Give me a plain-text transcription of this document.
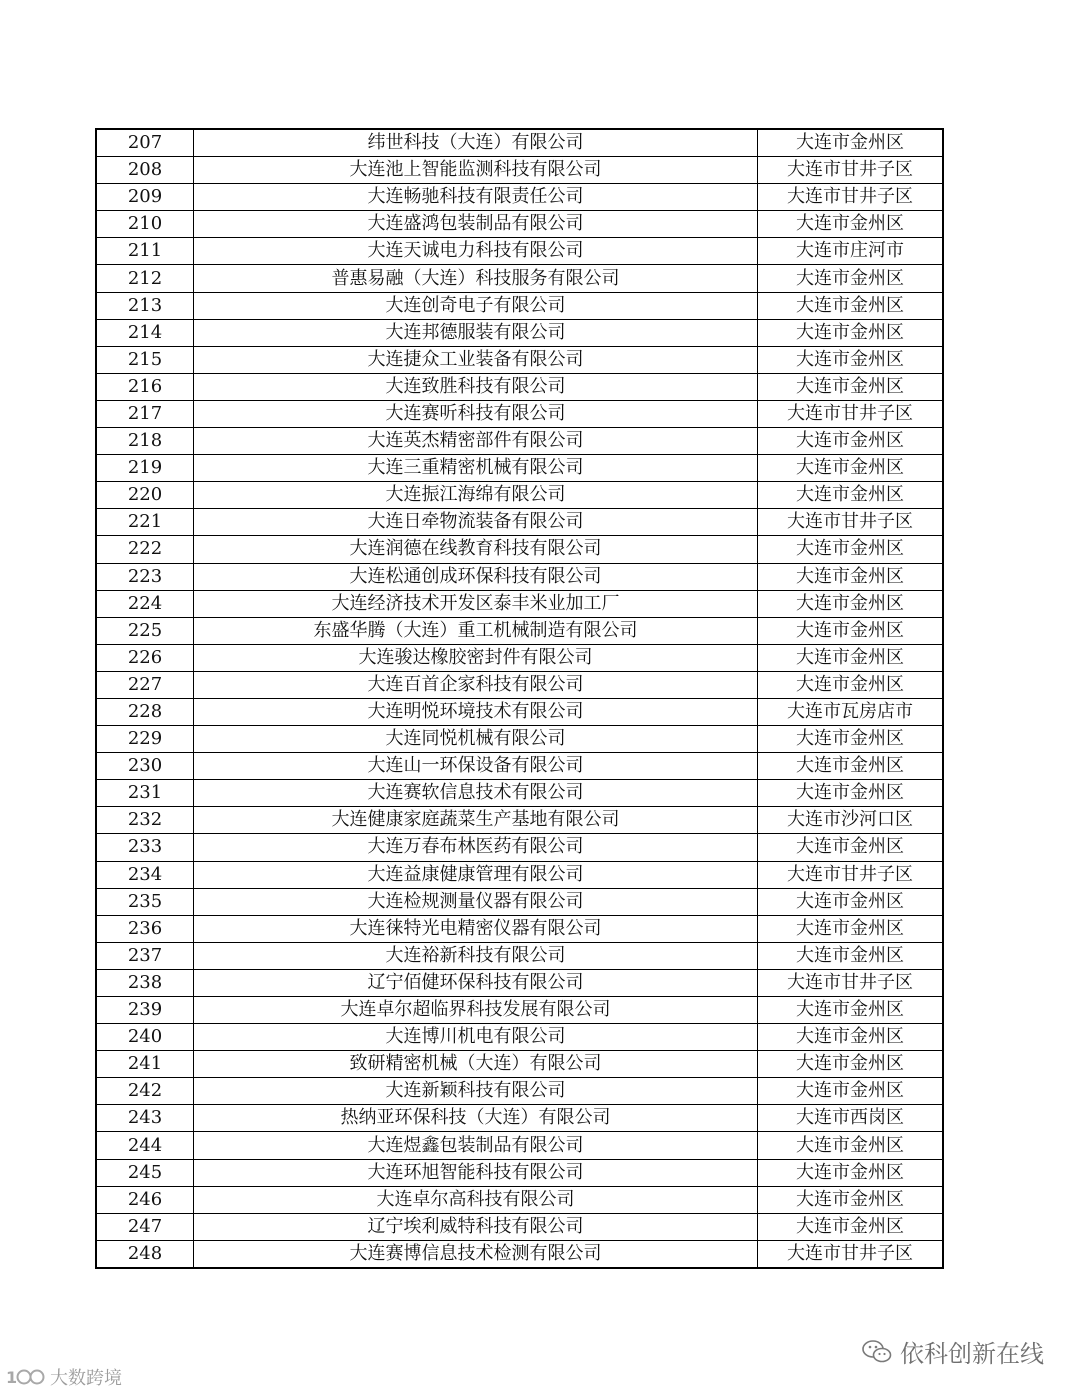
207	纬世科技（大连）有限公司	大连市金州区
208	大连池上智能监测科技有限公司	大连市甘井子区
209	大连畅驰科技有限责任公司	大连市甘井子区
210	大连盛鸿包装制品有限公司	大连市金州区
211	大连天诚电力科技有限公司	大连市庄河市
212	普惠易融（大连）科技服务有限公司	大连市金州区
213	大连创奇电子有限公司	大连市金州区
214	大连邦德服装有限公司	大连市金州区
215	大连捷众工业装备有限公司	大连市金州区
216	大连致胜科技有限公司	大连市金州区
217	大连赛听科技有限公司	大连市甘井子区
218	大连英杰精密部件有限公司	大连市金州区
219	大连三重精密机械有限公司	大连市金州区
220	大连振江海绵有限公司	大连市金州区
221	大连日牵物流装备有限公司	大连市甘井子区
222	大连润德在线教育科技有限公司	大连市金州区
223	大连松通创成环保科技有限公司	大连市金州区
224	大连经济技术开发区泰丰米业加工厂	大连市金州区
225	东盛华腾（大连）重工机械制造有限公司	大连市金州区
226	大连骏达橡胶密封件有限公司	大连市金州区
227	大连百首企家科技有限公司	大连市金州区
228	大连明悦环境技术有限公司	大连市瓦房店市
229	大连同悦机械有限公司	大连市金州区
230	大连山一环保设备有限公司	大连市金州区
231	大连赛软信息技术有限公司	大连市金州区
232	大连健康家庭蔬菜生产基地有限公司	大连市沙河口区
233	大连万春布林医药有限公司	大连市金州区
234	大连益康健康管理有限公司	大连市甘井子区
235	大连检规测量仪器有限公司	大连市金州区
236	大连徕特光电精密仪器有限公司	大连市金州区
237	大连裕新科技有限公司	大连市金州区
238	辽宁佰健环保科技有限公司	大连市甘井子区
239	大连卓尔超临界科技发展有限公司	大连市金州区
240	大连博川机电有限公司	大连市金州区
241	致研精密机械（大连）有限公司	大连市金州区
242	大连新颖科技有限公司	大连市金州区
243	热纳亚环保科技（大连）有限公司	大连市西岗区
244	大连煜鑫包装制品有限公司	大连市金州区
245	大连环旭智能科技有限公司	大连市金州区
246	大连卓尔高科技有限公司	大连市金州区
247	辽宁埃利威特科技有限公司	大连市金州区
248	大连赛博信息技术检测有限公司	大连市甘井子区
依科创新在线
1 大数跨境
